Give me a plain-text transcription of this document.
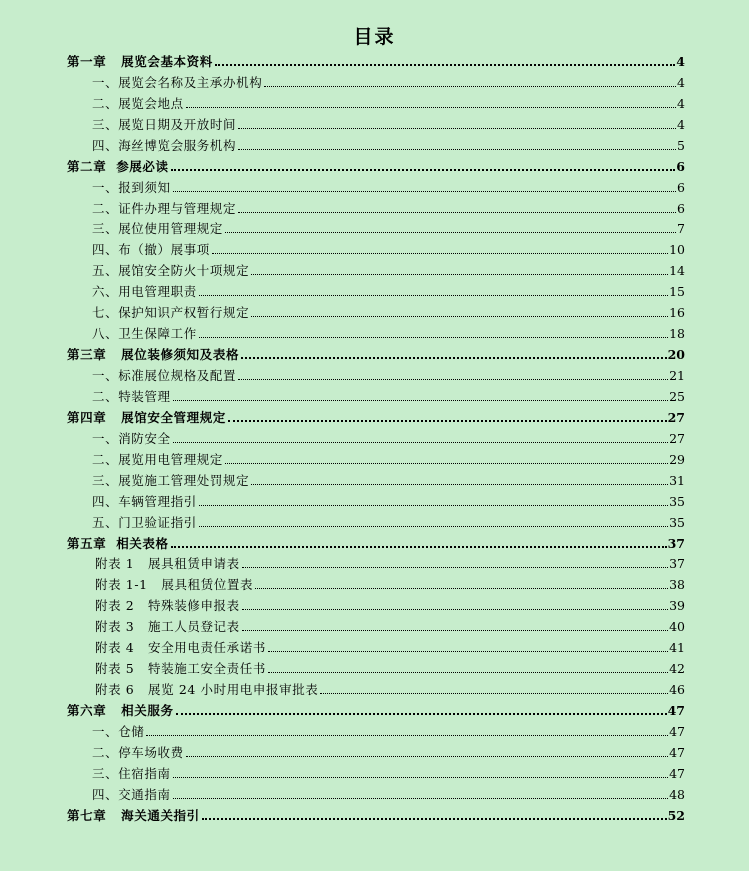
目录
第一章   展览会基本资料	4
一、展览会名称及主承办机构	4
二、展览会地点	4
三、展览日期及开放时间	4
四、海丝博览会服务机构	5
第二章  参展必读	6
一、报到须知	6
二、证件办理与管理规定	6
三、展位使用管理规定	7
四、布（撤）展事项	10
五、展馆安全防火十项规定	14
六、用电管理职责	15
七、保护知识产权暂行规定	16
八、卫生保障工作	18
第三章   展位装修须知及表格	20
一、标准展位规格及配置	21
二、特装管理	25
第四章   展馆安全管理规定	27
一、消防安全	27
二、展览用电管理规定	29
三、展览施工管理处罚规定	31
四、车辆管理指引	35
五、门卫验证指引	35
第五章  相关表格	37
附表 1   展具租赁申请表	37
附表 1-1   展具租赁位置表	38
附表 2   特殊装修申报表	39
附表 3   施工人员登记表	40
附表 4   安全用电责任承诺书	41
附表 5   特装施工安全责任书	42
附表 6   展览 24 小时用电申报审批表	46
第六章   相关服务	47
一、仓储	47
二、停车场收费	47
三、住宿指南	47
四、交通指南	48
第七章   海关通关指引	52
